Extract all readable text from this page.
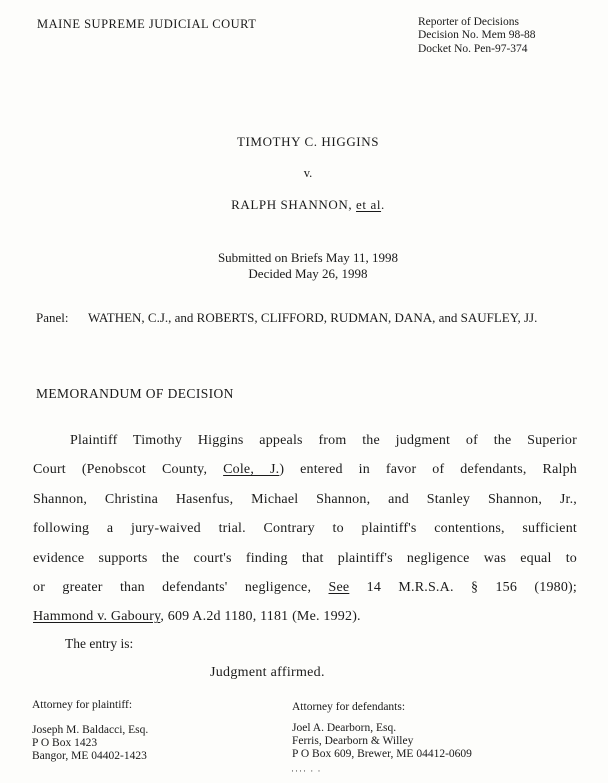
MAINE SUPREME JUDICIAL COURT	Reporter of Decisions
Decision No. Mem 98-88
Docket No. Pen-97-374
TIMOTHY C. HIGGINS
v.
RALPH SHANNON, et al.
Submitted on Briefs May 11, 1998
Decided May 26, 1998
Panel:	WATHEN, C.J., and ROBERTS, CLIFFORD, RUDMAN, DANA, and SAUFLEY, JJ.
MEMORANDUM OF DECISION
Plaintiff Timothy Higgins appeals from the judgment of the Superior
Court (Penobscot County, Cole, J.) entered in favor of defendants, Ralph
Shannon, Christina Hasenfus, Michael Shannon, and Stanley Shannon, Jr.,
following a jury-waived trial. Contrary to plaintiff's contentions, sufficient
evidence supports the court's finding that plaintiff's negligence was equal to
or greater than defendants' negligence, See 14 M.R.S.A. § 156 (1980);
Hammond v. Gaboury, 609 A.2d 1180, 1181 (Me. 1992).
The entry is:
Judgment affirmed.
Attorney for plaintiff:	Attorney for defendants:
Joseph M. Baldacci, Esq.
P O Box 1423
Bangor, ME 04402-1423
Joel A. Dearborn, Esq.
Ferris, Dearborn & Willey
P O Box 609, Brewer, ME 04412-0609
···· · ·
